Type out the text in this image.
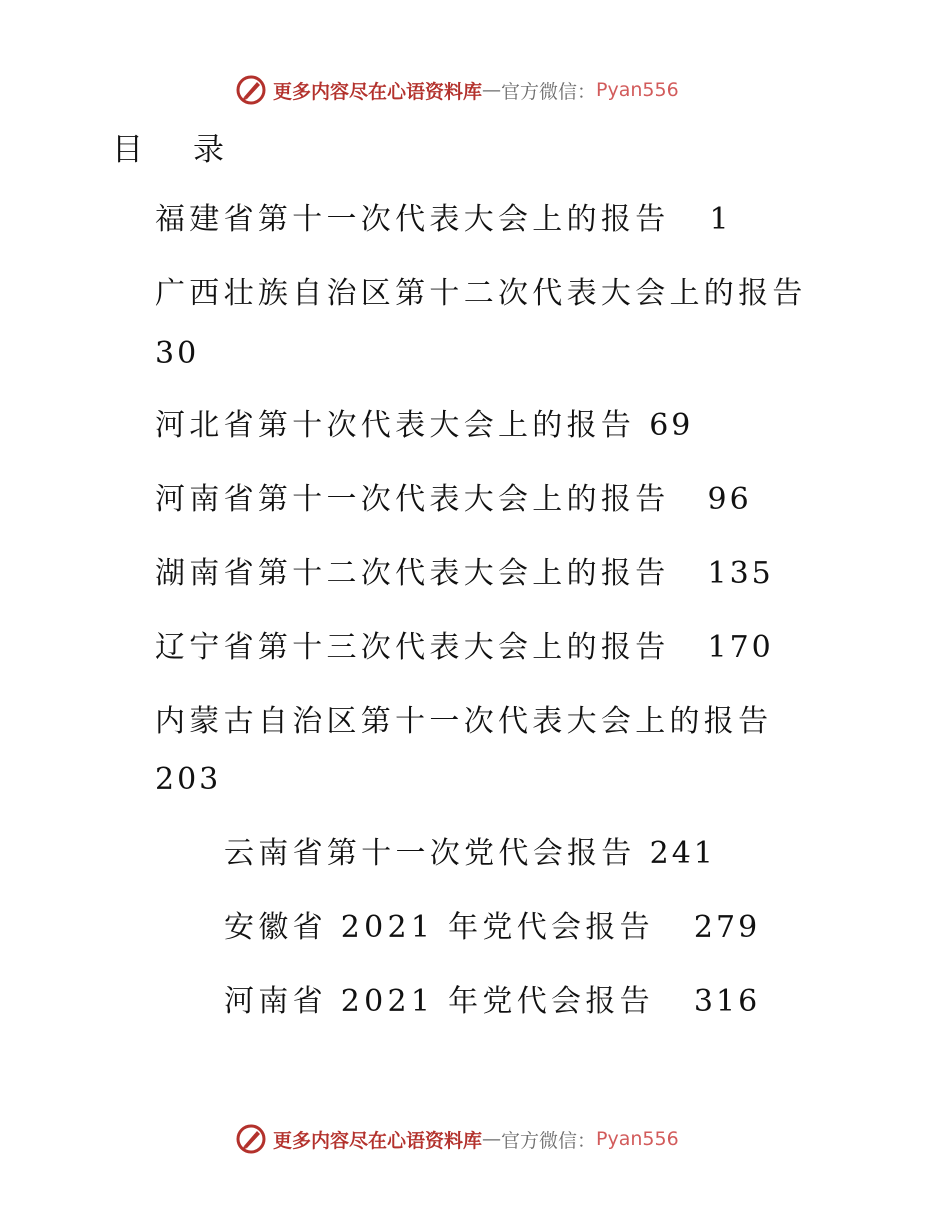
更多内容尽在心语资料库 — 官方微信： Pyan556
目 录
福建省第十一次代表大会上的报告 1
广西壮族自治区第十二次代表大会上的报告
30
河北省第十次代表大会上的报告 69
河南省第十一次代表大会上的报告 96
湖南省第十二次代表大会上的报告 135
辽宁省第十三次代表大会上的报告 170
内蒙古自治区第十一次代表大会上的报告
203
云南省第十一次党代会报告 241
安徽省 2021 年党代会报告 279
河南省 2021 年党代会报告 316
更多内容尽在心语资料库 — 官方微信： Pyan556
